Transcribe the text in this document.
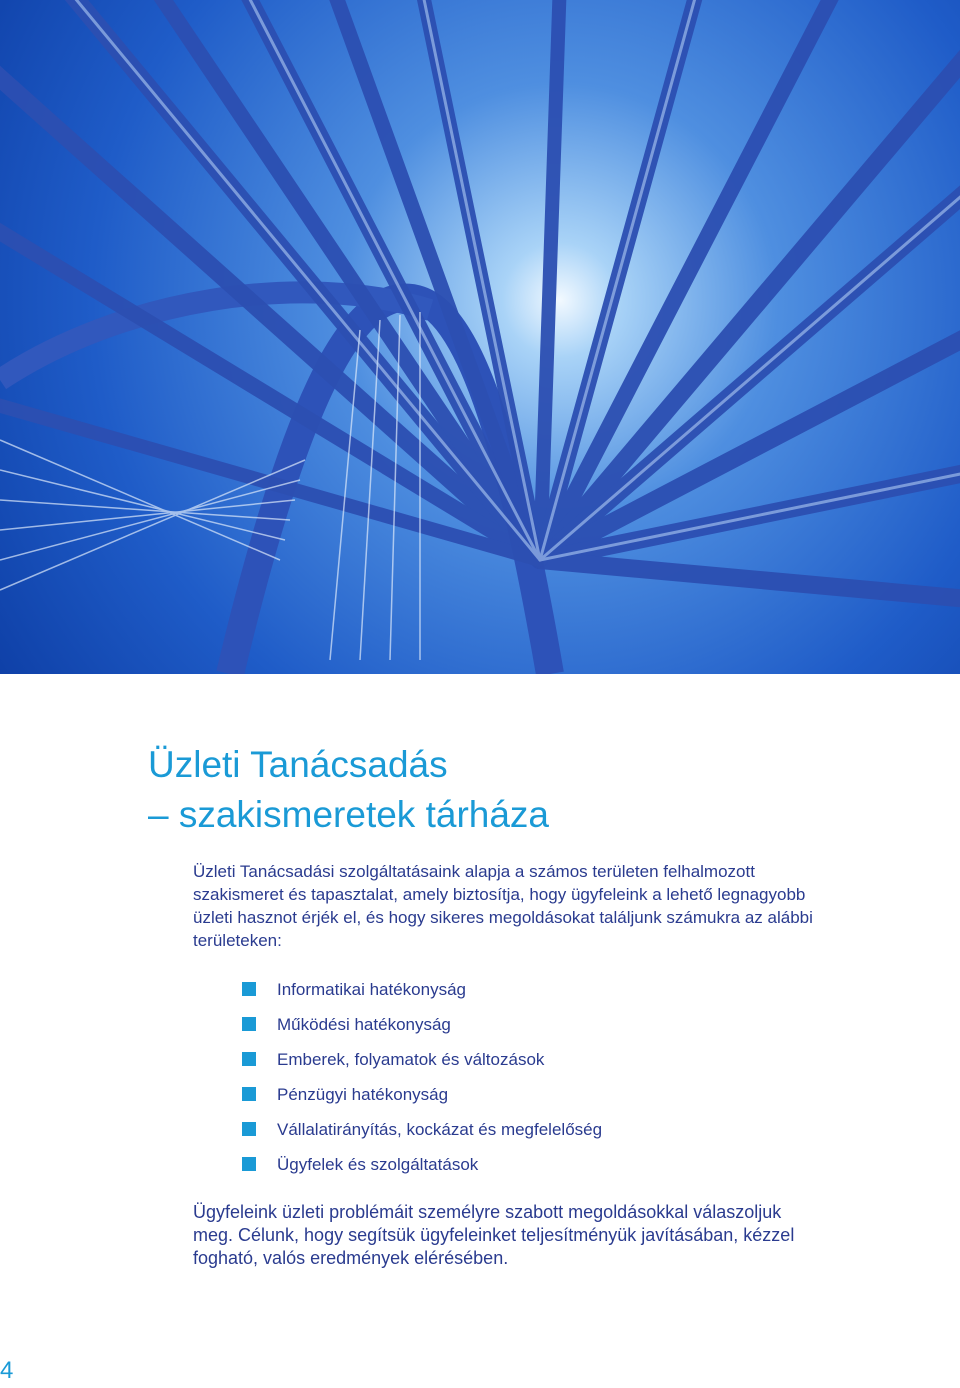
Üzleti Tanácsadás
– szakismeretek tárháza

Üzleti Tanácsadási szolgáltatásaink alapja a számos területen felhalmozott szakismeret és tapasztalat, amely biztosítja, hogy ügyfeleink a lehető legnagyobb üzleti hasznot érjék el, és hogy sikeres megoldásokat találjunk számukra az alábbi területeken:

Informatikai hatékonyság
Működési hatékonyság
Emberek, folyamatok és változások
Pénzügyi hatékonyság
Vállalatirányítás, kockázat és megfelelőség
Ügyfelek és szolgáltatások

Ügyfeleink üzleti problémáit személyre szabott megoldásokkal válaszoljuk meg. Célunk, hogy segítsük ügyfeleinket teljesítményük javításában, kézzel fogható, valós eredmények elérésében.

4
